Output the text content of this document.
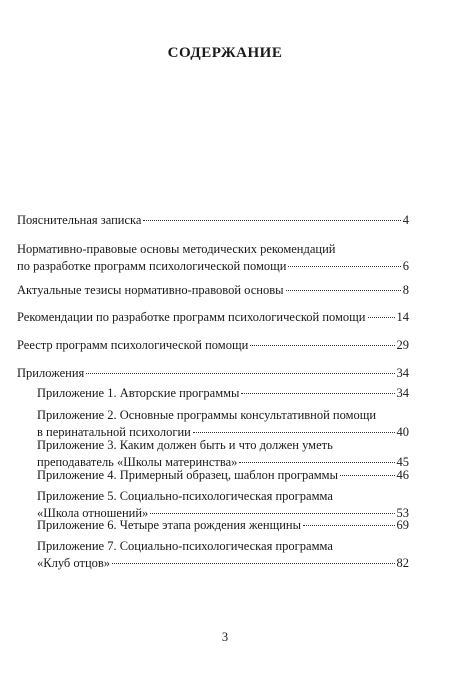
СОДЕРЖАНИЕ
Пояснительная записка	4
Нормативно-правовые основы методических рекомендаций
по разработке программ психологической помощи	6
Актуальные тезисы нормативно-правовой основы	8
Рекомендации по разработке программ психологической помощи 14
Реестр программ психологической помощи	29
Приложения	34
Приложение 1. Авторские программы	34
Приложение 2. Основные программы консультативной помощи
в перинатальной психологии	40
Приложение 3. Каким должен быть и что должен уметь
преподаватель «Школы материнства»	45
Приложение 4. Примерный образец, шаблон программы	46
Приложение 5. Социально-психологическая программа
«Школа отношений»	53
Приложение 6. Четыре этапа рождения женщины	69
Приложение 7. Социально-психологическая программа
«Клуб отцов»	82
3
